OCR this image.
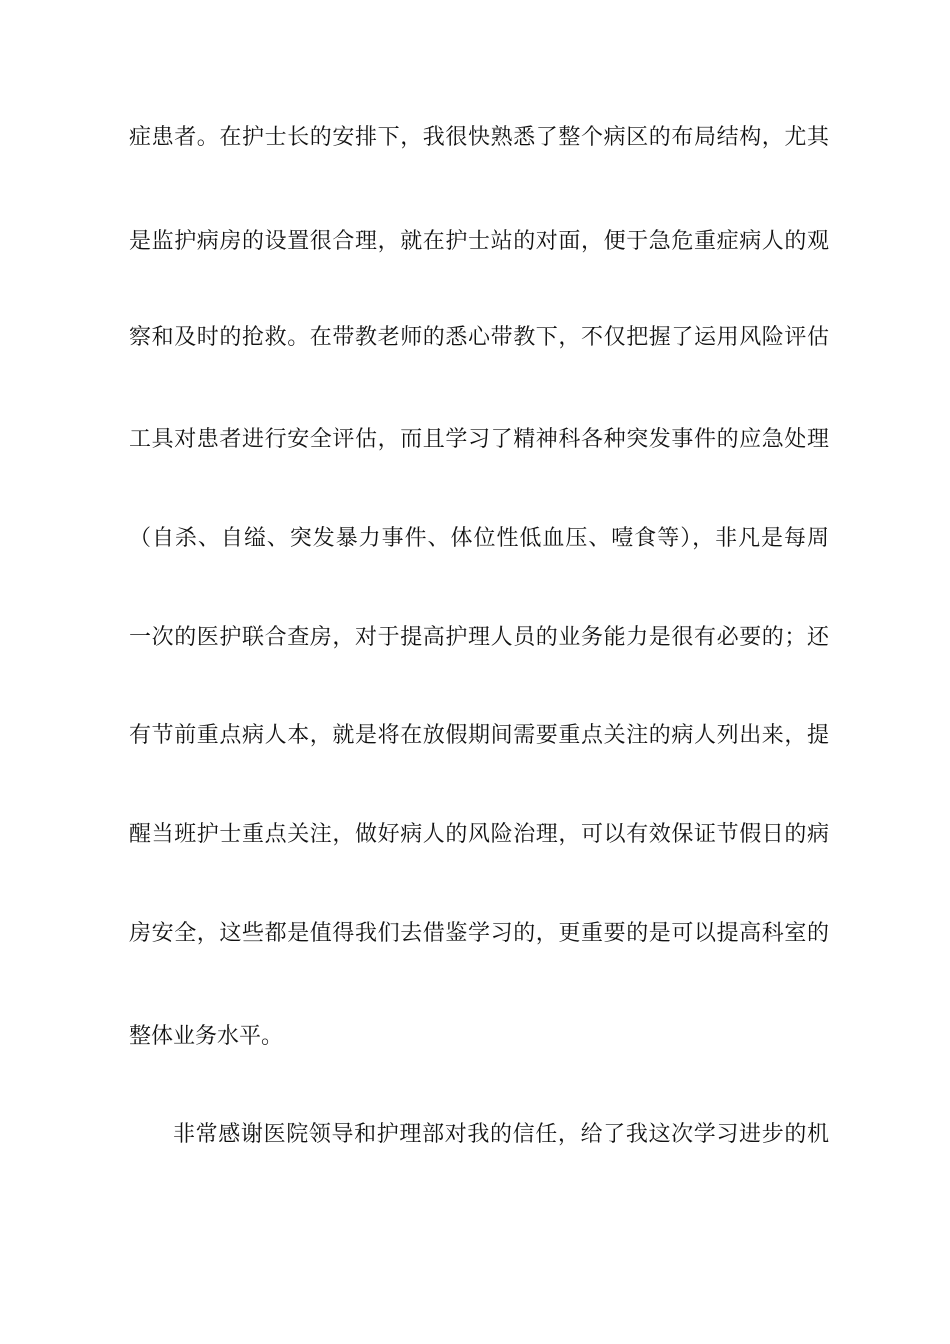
症患者。在护士长的安排下，我很快熟悉了整个病区的布局结构，尤其
是监护病房的设置很合理，就在护士站的对面，便于急危重症病人的观
察和及时的抢救。在带教老师的悉心带教下，不仅把握了运用风险评估
工具对患者进行安全评估，而且学习了精神科各种突发事件的应急处理
（自杀、自缢、突发暴力事件、体位性低血压、噎食等），非凡是每周
一次的医护联合查房，对于提高护理人员的业务能力是很有必要的；还
有节前重点病人本，就是将在放假期间需要重点关注的病人列出来，提
醒当班护士重点关注，做好病人的风险治理，可以有效保证节假日的病
房安全，这些都是值得我们去借鉴学习的，更重要的是可以提高科室的
整体业务水平。
非常感谢医院领导和护理部对我的信任，给了我这次学习进步的机
